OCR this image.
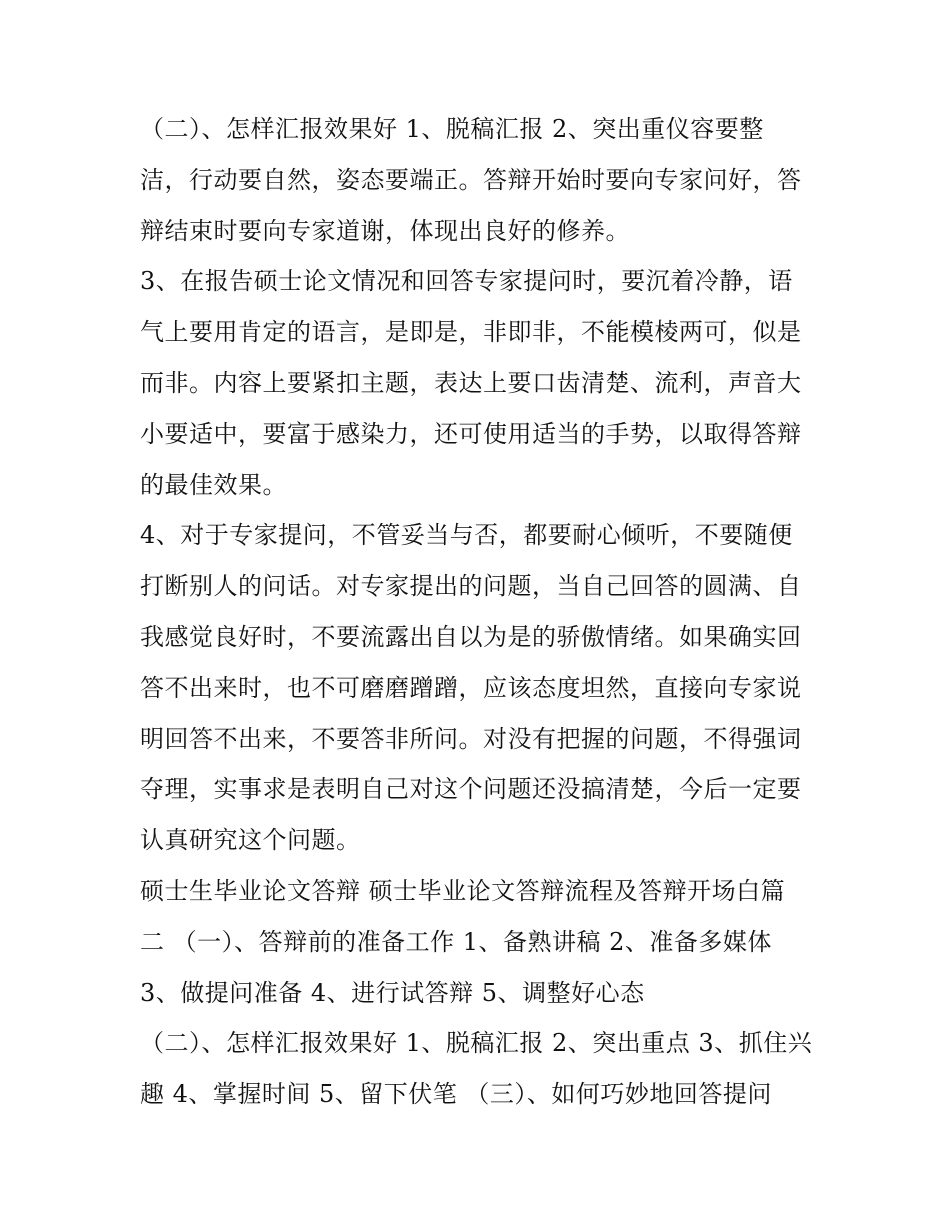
（二）、怎样汇报效果好 1、脱稿汇报 2、突出重仪容要整
洁，行动要自然，姿态要端正。答辩开始时要向专家问好，答
辩结束时要向专家道谢，体现出良好的修养。
3、在报告硕士论文情况和回答专家提问时，要沉着冷静，语
气上要用肯定的语言，是即是，非即非，不能模棱两可，似是
而非。内容上要紧扣主题，表达上要口齿清楚、流利，声音大
小要适中，要富于感染力，还可使用适当的手势，以取得答辩
的最佳效果。
4、对于专家提问，不管妥当与否，都要耐心倾听，不要随便
打断别人的问话。对专家提出的问题，当自己回答的圆满、自
我感觉良好时，不要流露出自以为是的骄傲情绪。如果确实回
答不出来时，也不可磨磨蹭蹭，应该态度坦然，直接向专家说
明回答不出来，不要答非所问。对没有把握的问题，不得强词
夺理，实事求是表明自己对这个问题还没搞清楚，今后一定要
认真研究这个问题。
硕士生毕业论文答辩 硕士毕业论文答辩流程及答辩开场白篇
二 （一）、答辩前的准备工作 1、备熟讲稿 2、准备多媒体
3、做提问准备 4、进行试答辩 5、调整好心态
（二）、怎样汇报效果好 1、脱稿汇报 2、突出重点 3、抓住兴
趣 4、掌握时间 5、留下伏笔 （三）、如何巧妙地回答提问
